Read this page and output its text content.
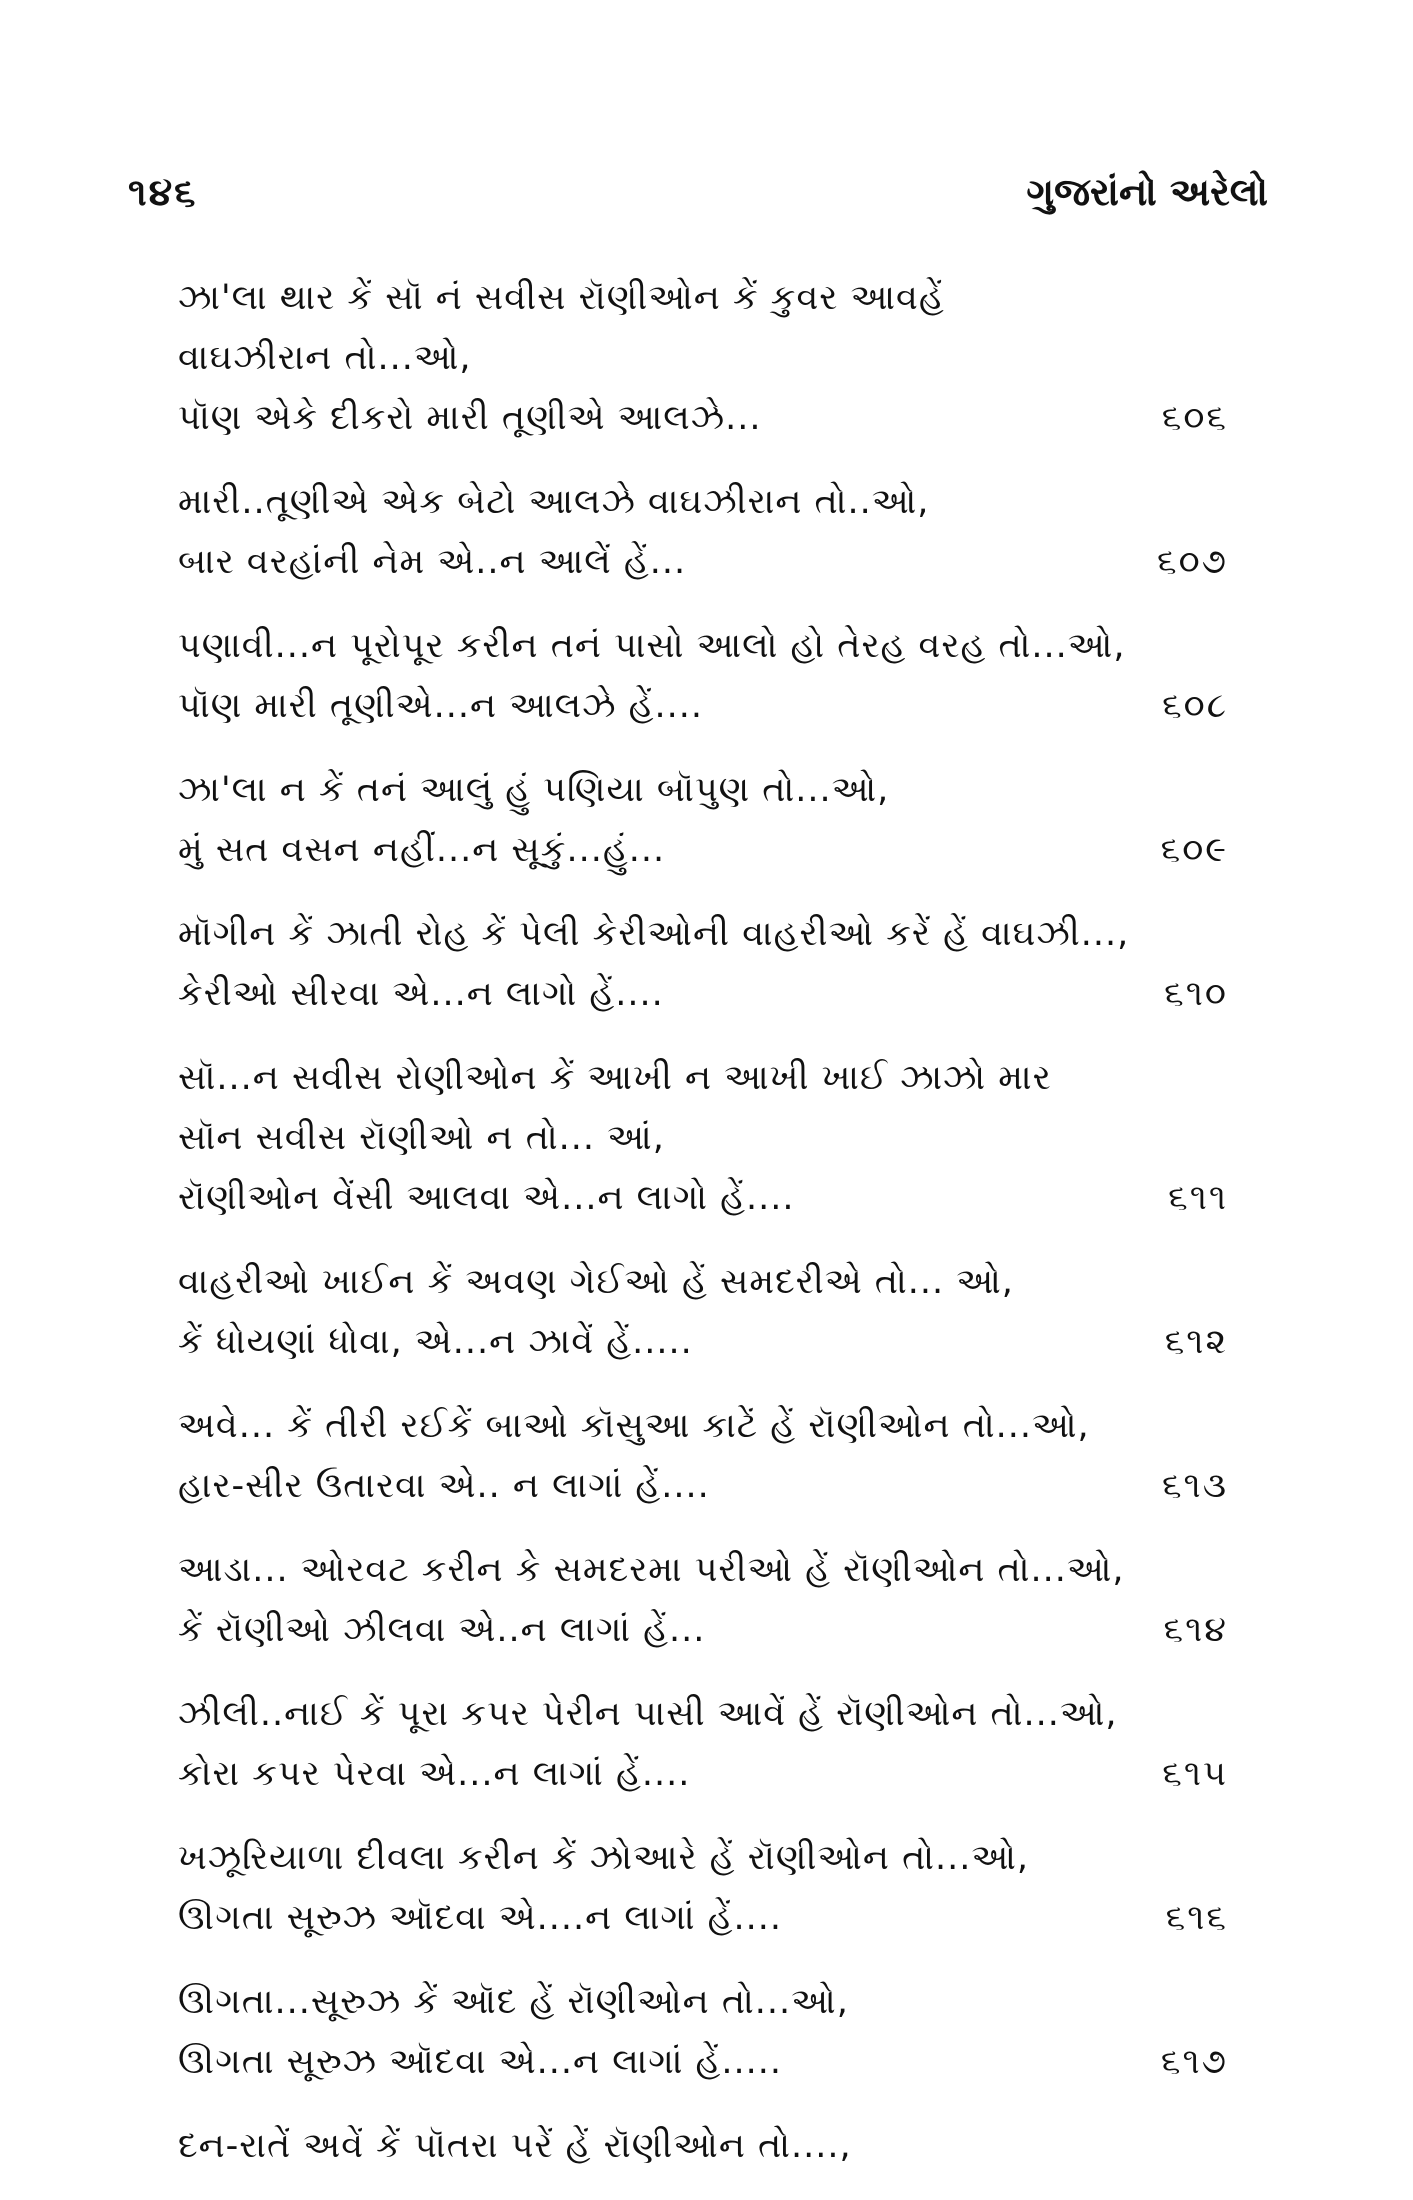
૧૪૬	ગુજરાંનો અરેલો
ઝા'લા થાર કેં સૉ નં સવીસ રૉણીઓન કેં કુવર આવહેં
વાઘઝીરાન તો...ઓ,
પૉણ એકે દીકરો મારી તૂણીએ આલઝે...	૬૦૬
મારી..તૂણીએ એક બેટો આલઝે વાઘઝીરાન તો..ઓ,
બાર વરહાંની નેમ એ..ન આલેં હેં...	૬૦૭
પણાવી...ન પૂરોપૂર કરીન તનં પાસો આલો હો તેરહ વરહ તો...ઓ,
પૉણ મારી તૂણીએ...ન આલઝે હેં....	૬૦૮
ઝા'લા ન કેં તનં આલું હું પણિયા બૉપુણ તો...ઓ,
મું સત વસન નહીં...ન સૂકું...હું...	૬૦૯
મૉગીન કેં ઝાતી રોહ કેં પેલી કેરીઓની વાહરીઓ કરેં હેં વાઘઝી...,
કેરીઓ સીરવા એ...ન લાગો હેં....	૬૧૦
સૉ...ન સવીસ રોણીઓન કેં આખી ન આખી ખાઈ ઝાઝો માર
સૉન સવીસ રૉણીઓ ન તો... આં,
રૉણીઓન વેંસી આલવા એ...ન લાગો હેં....	૬૧૧
વાહરીઓ ખાઈન કેં અવણ ગેઈઓ હેં સમદરીએ તો... ઓ,
કેં ધોયણાં ધોવા, એ...ન ઝાવેં હેં.....	૬૧૨
અવે... કેં તીરી રઈકેં બાઓ કૉસુઆ કાટેં હેં રૉણીઓન તો...ઓ,
હાર-સીર ઉતારવા એ.. ન લાગાં હેં....	૬૧૩
આડા... ઓરવટ કરીન કે સમદરમા પરીઓ હેં રૉણીઓન તો...ઓ,
કેં રૉણીઓ ઝીલવા એ..ન લાગાં હેં...	૬૧૪
ઝીલી..નાઈ કેં પૂરા કપર પેરીન પાસી આવેં હેં રૉણીઓન તો...ઓ,
કોરા કપર પેરવા એ...ન લાગાં હેં....	૬૧૫
ખઝૂરિયાળા દીવલા કરીન કેં ઝોઆરે હેં રૉણીઓન તો...ઓ,
ઊગતા સૂરુઝ ઑદવા એ....ન લાગાં હેં....	૬૧૬
ઊગતા...સૂરુઝ કેં ઑદ હેં રૉણીઓન તો...ઓ,
ઊગતા સૂરુઝ ઑદવા એ...ન લાગાં હેં.....	૬૧૭
દન-રાતેં અવેં કેં પૉતરા પરેં હેં રૉણીઓન તો....,
